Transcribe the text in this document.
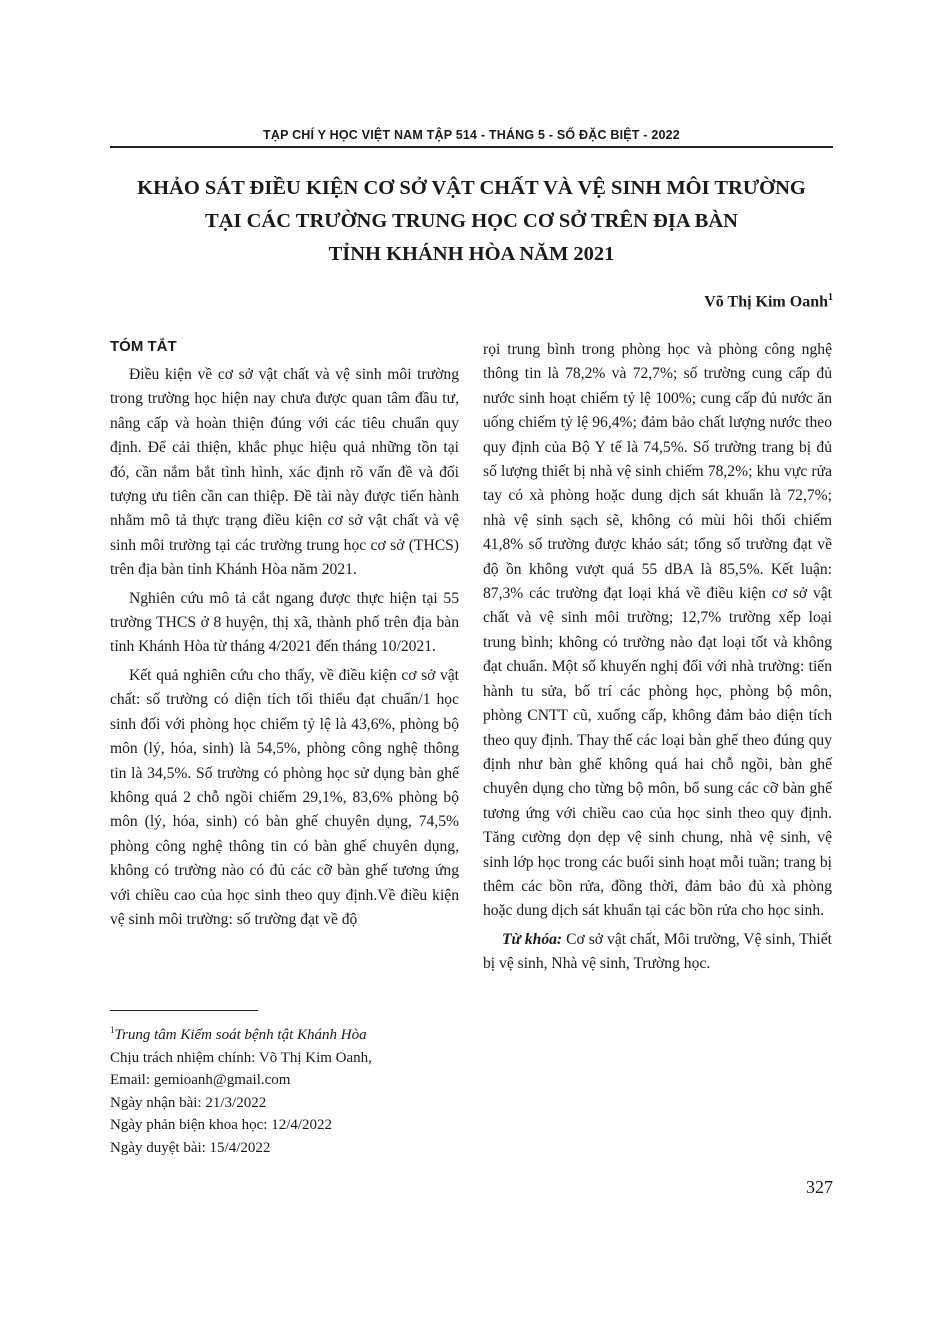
TẠP CHÍ Y HỌC VIỆT NAM TẬP 514 - THÁNG 5 - SỐ ĐẶC BIỆT - 2022
KHẢO SÁT ĐIỀU KIỆN CƠ SỞ VẬT CHẤT VÀ VỆ SINH MÔI TRƯỜNG
TẠI CÁC TRƯỜNG TRUNG HỌC CƠ SỞ TRÊN ĐỊA BÀN
TỈNH KHÁNH HÒA NĂM 2021
Võ Thị Kim Oanh$^1$
TÓM TẮT

Điều kiện về cơ sở vật chất và vệ sinh môi trường trong trường học hiện nay chưa được quan tâm đầu tư, nâng cấp và hoàn thiện đúng với các tiêu chuẩn quy định. Để cải thiện, khắc phục hiệu quả những tồn tại đó, cần nắm bắt tình hình, xác định rõ vấn đề và đối tượng ưu tiên cần can thiệp. Đề tài này được tiến hành nhằm mô tả thực trạng điều kiện cơ sở vật chất và vệ sinh môi trường tại các trường trung học cơ sở (THCS) trên địa bàn tỉnh Khánh Hòa năm 2021.

Nghiên cứu mô tả cắt ngang được thực hiện tại 55 trường THCS ở 8 huyện, thị xã, thành phố trên địa bàn tỉnh Khánh Hòa từ tháng 4/2021 đến tháng 10/2021.

Kết quả nghiên cứu cho thấy, về điều kiện cơ sở vật chất: số trường có diện tích tối thiểu đạt chuẩn/1 học sinh đối với phòng học chiếm tỷ lệ là 43,6%, phòng bộ môn (lý, hóa, sinh) là 54,5%, phòng công nghệ thông tin là 34,5%. Số trường có phòng học sử dụng bàn ghế không quá 2 chỗ ngồi chiếm 29,1%, 83,6% phòng bộ môn (lý, hóa, sinh) có bàn ghế chuyên dụng, 74,5% phòng công nghệ thông tin có bàn ghế chuyên dụng, không có trường nào có đủ các cỡ bàn ghế tương ứng với chiều cao của học sinh theo quy định.Về điều kiện vệ sinh môi trường: số trường đạt về độ

rọi trung bình trong phòng học và phòng công nghệ thông tin là 78,2% và 72,7%; số trường cung cấp đủ nước sinh hoạt chiếm tỷ lệ 100%; cung cấp đủ nước ăn uống chiếm tỷ lệ 96,4%; đảm bảo chất lượng nước theo quy định của Bộ Y tế là 74,5%. Số trường trang bị đủ số lượng thiết bị nhà vệ sinh chiếm 78,2%; khu vực rửa tay có xà phòng hoặc dung dịch sát khuẩn là 72,7%; nhà vệ sinh sạch sẽ, không có mùi hôi thối chiếm 41,8% số trường được khảo sát; tổng số trường đạt về độ ồn không vượt quá 55 dBA là 85,5%. Kết luận: 87,3% các trường đạt loại khá về điều kiện cơ sở vật chất và vệ sinh môi trường; 12,7% trường xếp loại trung bình; không có trường nào đạt loại tốt và không đạt chuẩn. Một số khuyến nghị đối với nhà trường: tiến hành tu sửa, bố trí các phòng học, phòng bộ môn, phòng CNTT cũ, xuống cấp, không đảm bảo diện tích theo quy định. Thay thế các loại bàn ghế theo đúng quy định như bàn ghế không quá hai chỗ ngồi, bàn ghế chuyên dụng cho từng bộ môn, bổ sung các cỡ bàn ghế tương ứng với chiều cao của học sinh theo quy định. Tăng cường dọn dẹp vệ sinh chung, nhà vệ sinh, vệ sinh lớp học trong các buổi sinh hoạt mỗi tuần; trang bị thêm các bồn rửa, đồng thời, đảm bảo đủ xà phòng hoặc dung dịch sát khuẩn tại các bồn rửa cho học sinh.

Từ khóa: Cơ sở vật chất, Môi trường, Vệ sinh, Thiết bị vệ sinh, Nhà vệ sinh, Trường học.

$^1$Trung tâm Kiểm soát bệnh tật Khánh Hòa
Chịu trách nhiệm chính: Võ Thị Kim Oanh,
Email: gemioanh@gmail.com
Ngày nhận bài: 21/3/2022
Ngày phản biện khoa học: 12/4/2022
Ngày duyệt bài: 15/4/2022
327
